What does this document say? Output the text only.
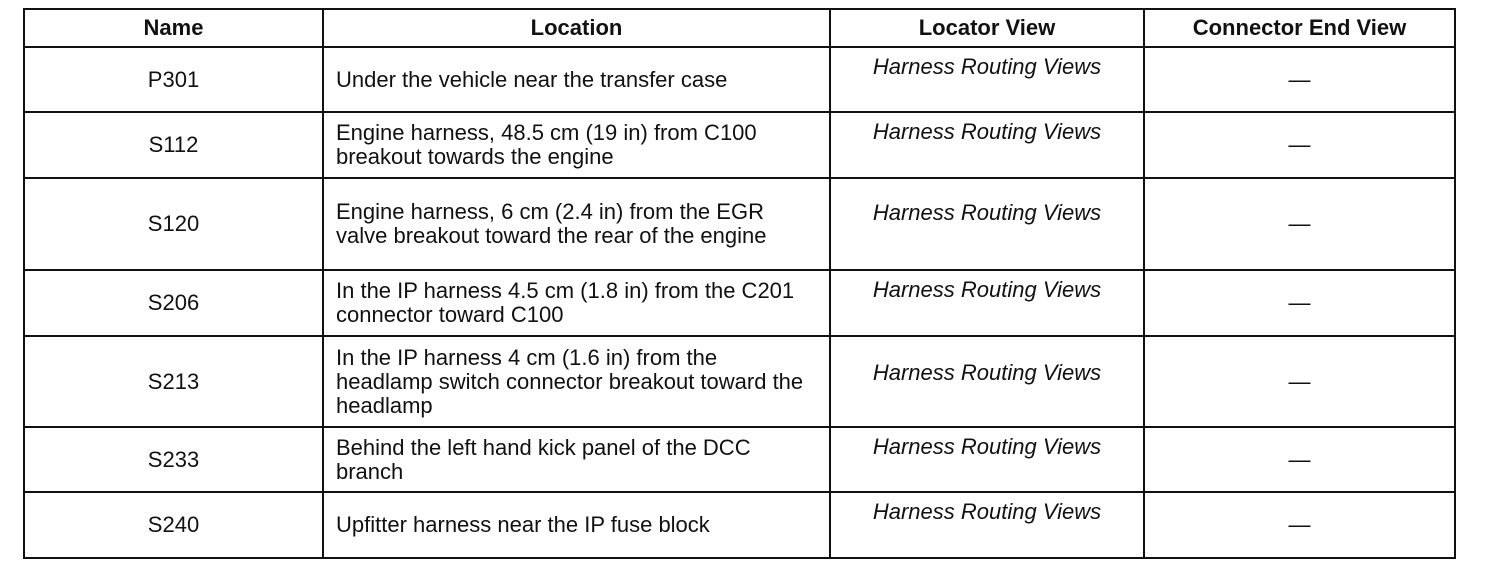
Name	Location	Locator View	Connector End View
P301	Under the vehicle near the transfer case	Harness Routing Views	—
S112	Engine harness, 48.5 cm (19 in) from C100 breakout towards the engine	Harness Routing Views	—
S120	Engine harness, 6 cm (2.4 in) from the EGR valve breakout toward the rear of the engine	Harness Routing Views	—
S206	In the IP harness 4.5 cm (1.8 in) from the C201 connector toward C100	Harness Routing Views	—
S213	In the IP harness 4 cm (1.6 in) from the headlamp switch connector breakout toward the headlamp	Harness Routing Views	—
S233	Behind the left hand kick panel of the DCC branch	Harness Routing Views	—
S240	Upfitter harness near the IP fuse block	Harness Routing Views	—
